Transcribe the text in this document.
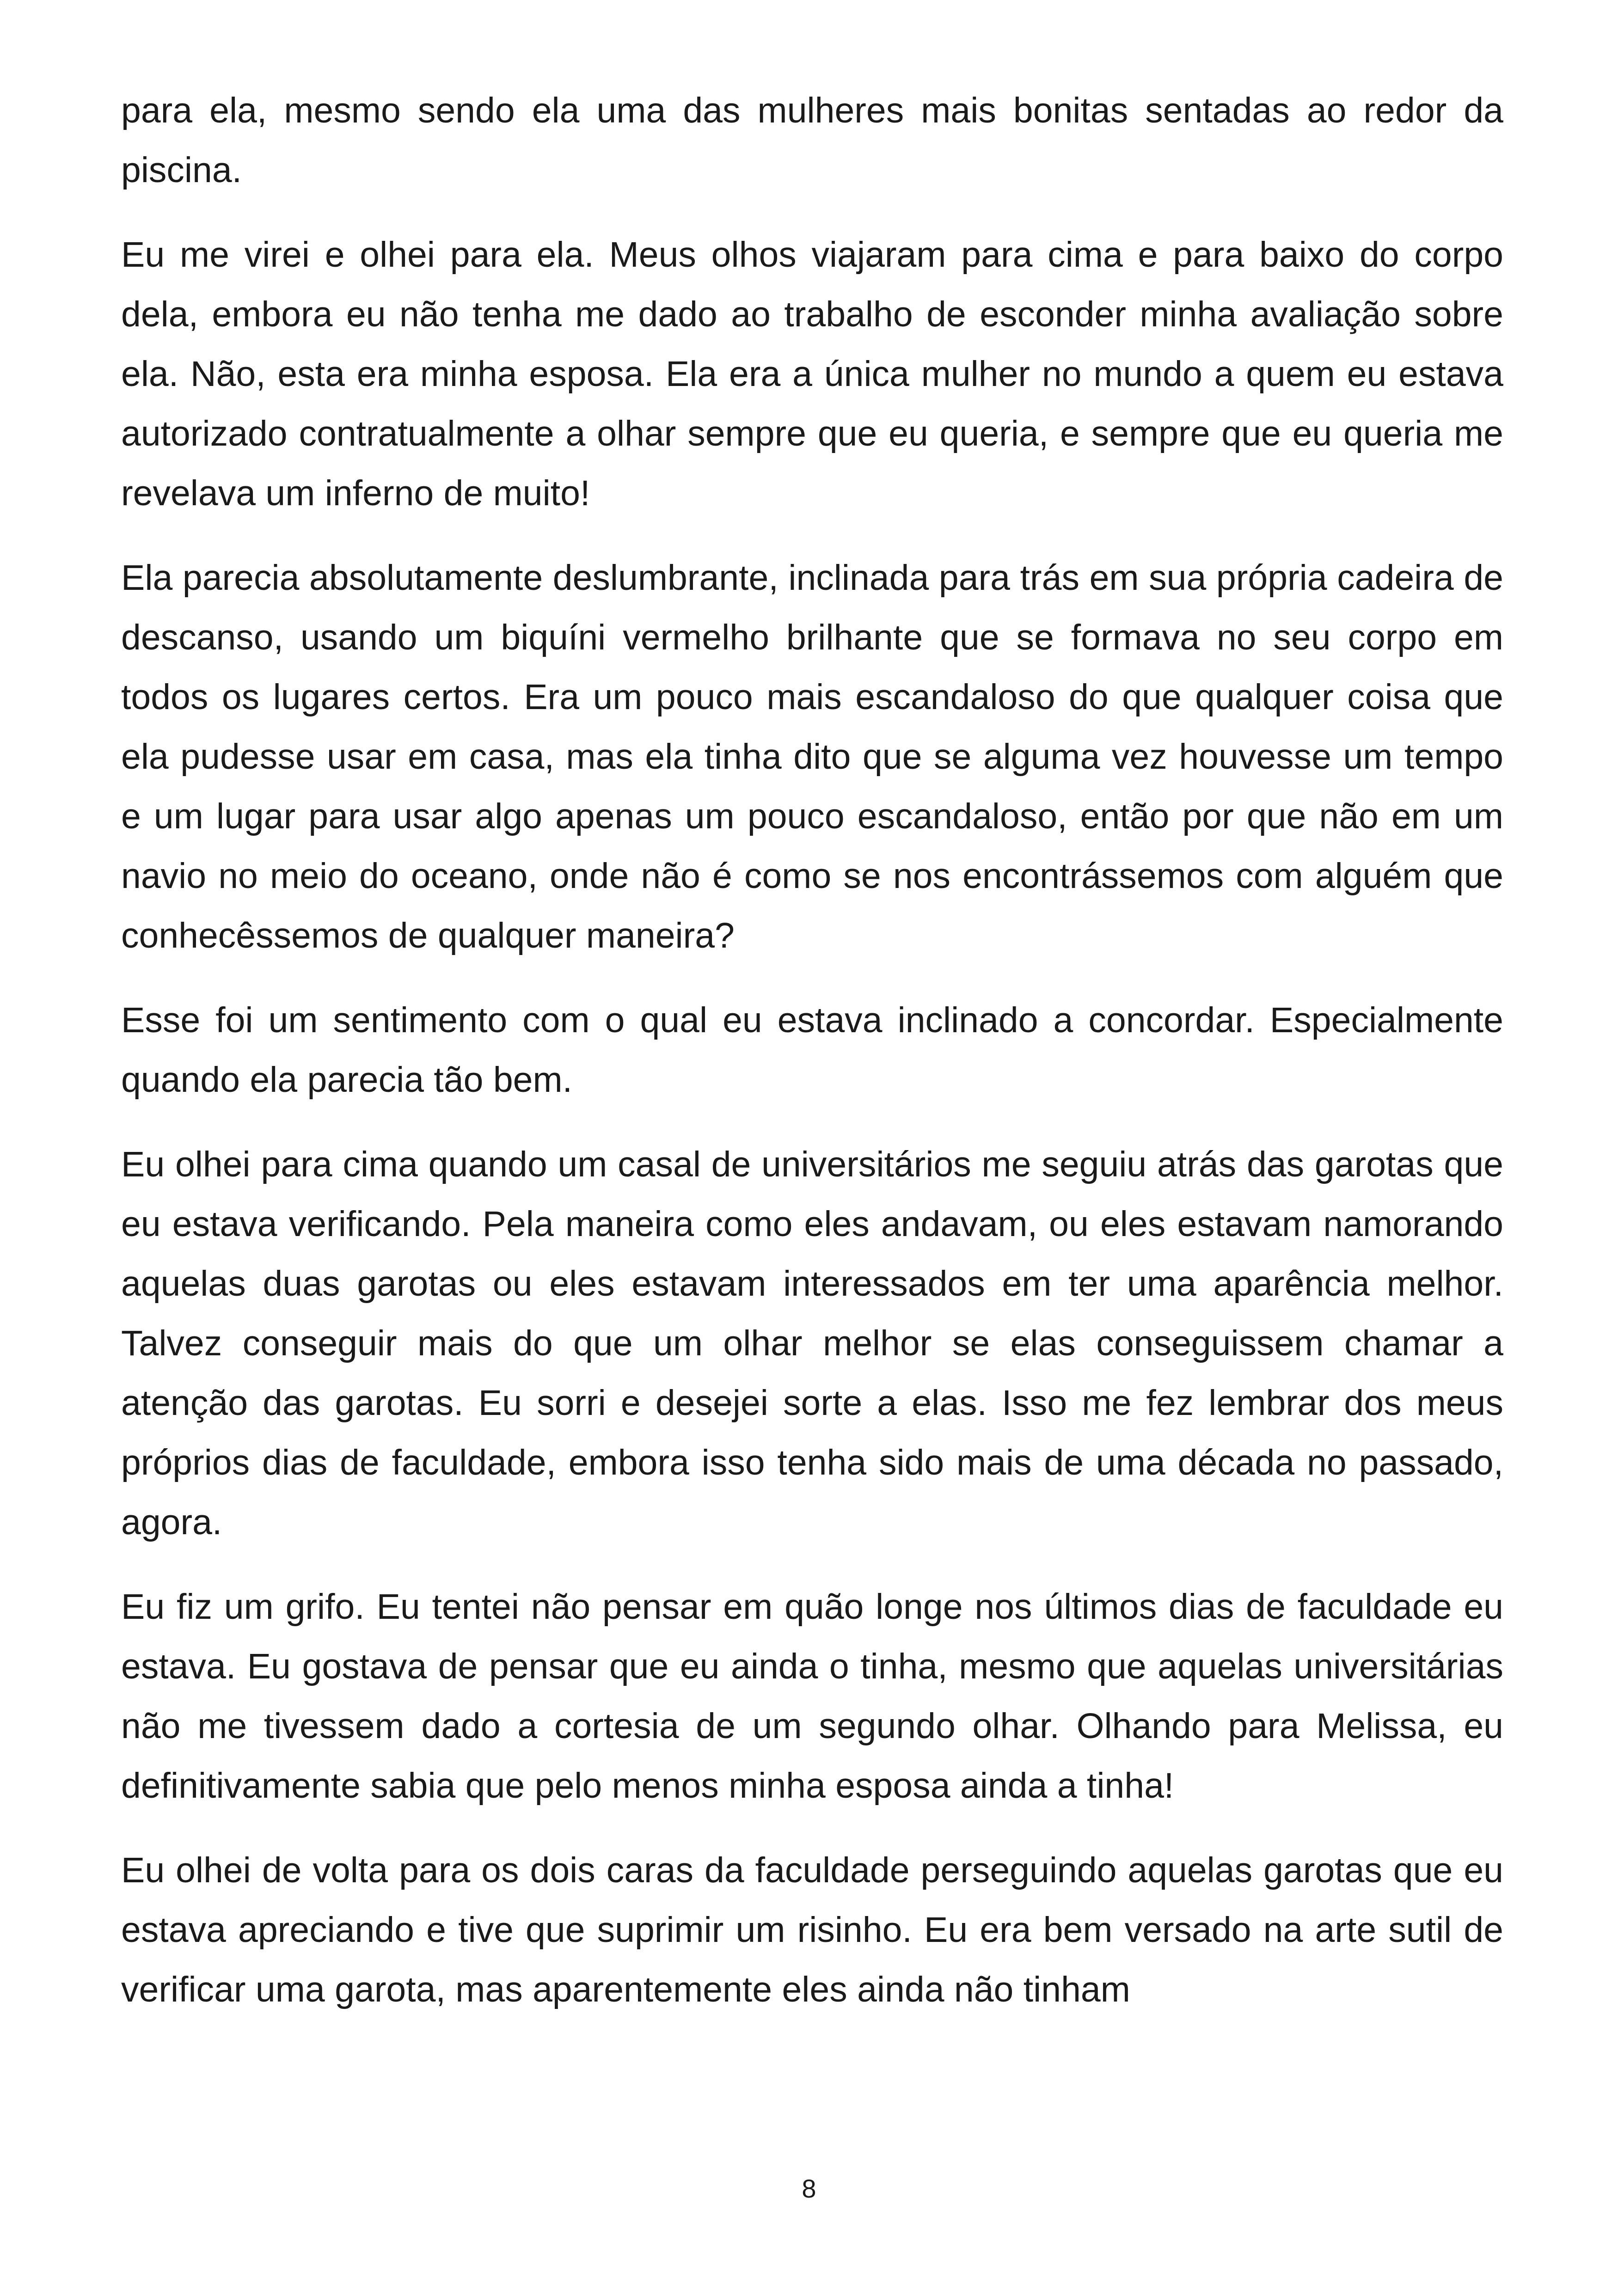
para ela, mesmo sendo ela uma das mulheres mais bonitas sentadas ao redor da piscina.

Eu me virei e olhei para ela. Meus olhos viajaram para cima e para baixo do corpo dela, embora eu não tenha me dado ao trabalho de esconder minha avaliação sobre ela. Não, esta era minha esposa. Ela era a única mulher no mundo a quem eu estava autorizado contratualmente a olhar sempre que eu queria, e sempre que eu queria me revelava um inferno de muito!

Ela parecia absolutamente deslumbrante, inclinada para trás em sua própria cadeira de descanso, usando um biquíni vermelho brilhante que se formava no seu corpo em todos os lugares certos. Era um pouco mais escandaloso do que qualquer coisa que ela pudesse usar em casa, mas ela tinha dito que se alguma vez houvesse um tempo e um lugar para usar algo apenas um pouco escandaloso, então por que não em um navio no meio do oceano, onde não é como se nos encontrássemos com alguém que conhecêssemos de qualquer maneira?

Esse foi um sentimento com o qual eu estava inclinado a concordar. Especialmente quando ela parecia tão bem.

Eu olhei para cima quando um casal de universitários me seguiu atrás das garotas que eu estava verificando. Pela maneira como eles andavam, ou eles estavam namorando aquelas duas garotas ou eles estavam interessados em ter uma aparência melhor. Talvez conseguir mais do que um olhar melhor se elas conseguissem chamar a atenção das garotas. Eu sorri e desejei sorte a elas. Isso me fez lembrar dos meus próprios dias de faculdade, embora isso tenha sido mais de uma década no passado, agora.

Eu fiz um grifo. Eu tentei não pensar em quão longe nos últimos dias de faculdade eu estava. Eu gostava de pensar que eu ainda o tinha, mesmo que aquelas universitárias não me tivessem dado a cortesia de um segundo olhar. Olhando para Melissa, eu definitivamente sabia que pelo menos minha esposa ainda a tinha!

Eu olhei de volta para os dois caras da faculdade perseguindo aquelas garotas que eu estava apreciando e tive que suprimir um risinho. Eu era bem versado na arte sutil de verificar uma garota, mas aparentemente eles ainda não tinham

8
